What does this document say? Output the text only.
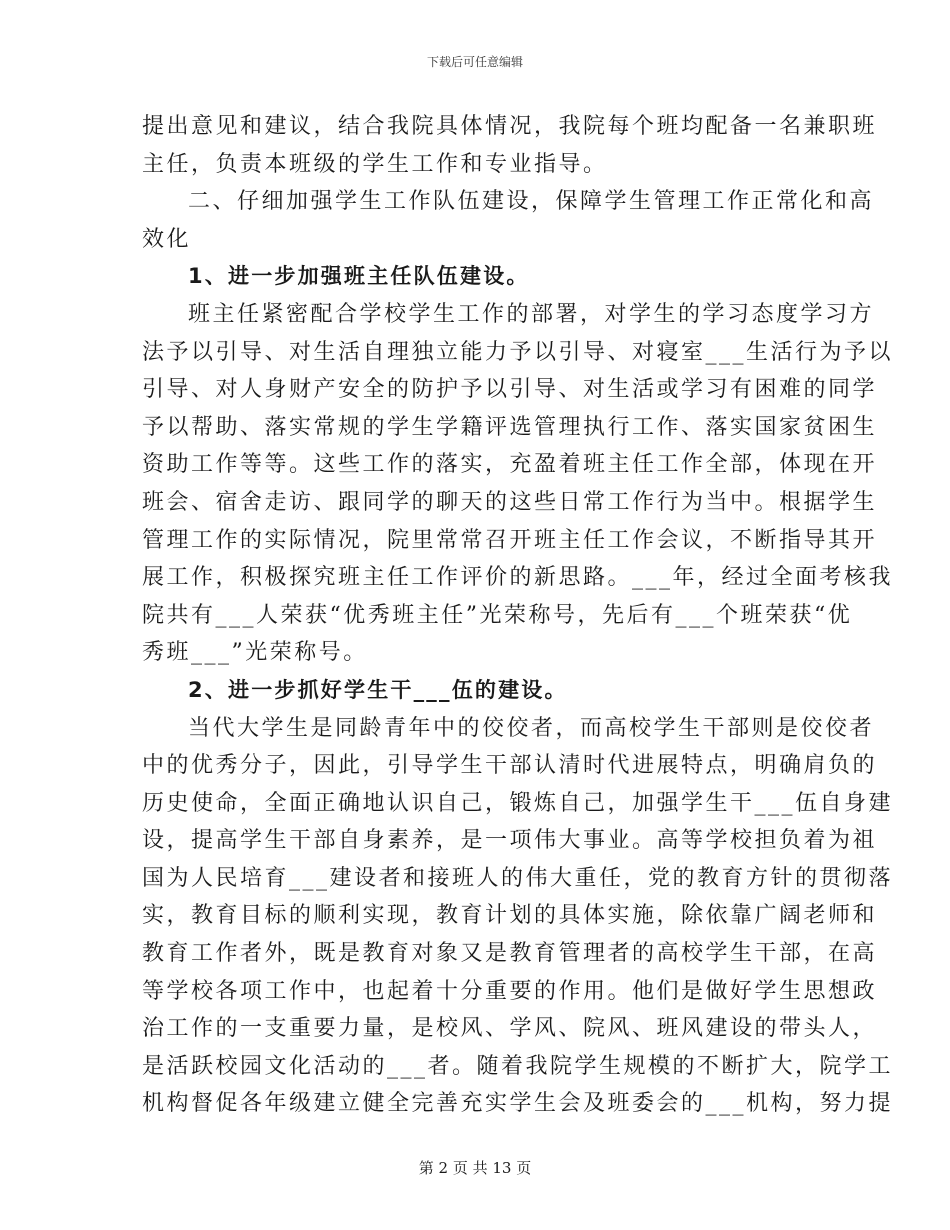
下载后可任意编辑
提出意见和建议，结合我院具体情况，我院每个班均配备一名兼职班
主任，负责本班级的学生工作和专业指导。
二、仔细加强学生工作队伍建设，保障学生管理工作正常化和高
效化
1、进一步加强班主任队伍建设。
班主任紧密配合学校学生工作的部署，对学生的学习态度学习方
法予以引导、对生活自理独立能力予以引导、对寝室___生活行为予以
引导、对人身财产安全的防护予以引导、对生活或学习有困难的同学
予以帮助、落实常规的学生学籍评选管理执行工作、落实国家贫困生
资助工作等等。这些工作的落实，充盈着班主任工作全部，体现在开
班会、宿舍走访、跟同学的聊天的这些日常工作行为当中。根据学生
管理工作的实际情况，院里常常召开班主任工作会议，不断指导其开
展工作，积极探究班主任工作评价的新思路。___年，经过全面考核我
院共有___人荣获“优秀班主任”光荣称号，先后有___个班荣获“优
秀班___”光荣称号。
2、进一步抓好学生干___伍的建设。
当代大学生是同龄青年中的佼佼者，而高校学生干部则是佼佼者
中的优秀分子，因此，引导学生干部认清时代进展特点，明确肩负的
历史使命，全面正确地认识自己，锻炼自己，加强学生干___伍自身建
设，提高学生干部自身素养，是一项伟大事业。高等学校担负着为祖
国为人民培育___建设者和接班人的伟大重任，党的教育方针的贯彻落
实，教育目标的顺利实现，教育计划的具体实施，除依靠广阔老师和
教育工作者外，既是教育对象又是教育管理者的高校学生干部，在高
等学校各项工作中，也起着十分重要的作用。他们是做好学生思想政
治工作的一支重要力量，是校风、学风、院风、班风建设的带头人，
是活跃校园文化活动的___者。随着我院学生规模的不断扩大，院学工
机构督促各年级建立健全完善充实学生会及班委会的___机构，努力提
第 2 页 共 13 页
